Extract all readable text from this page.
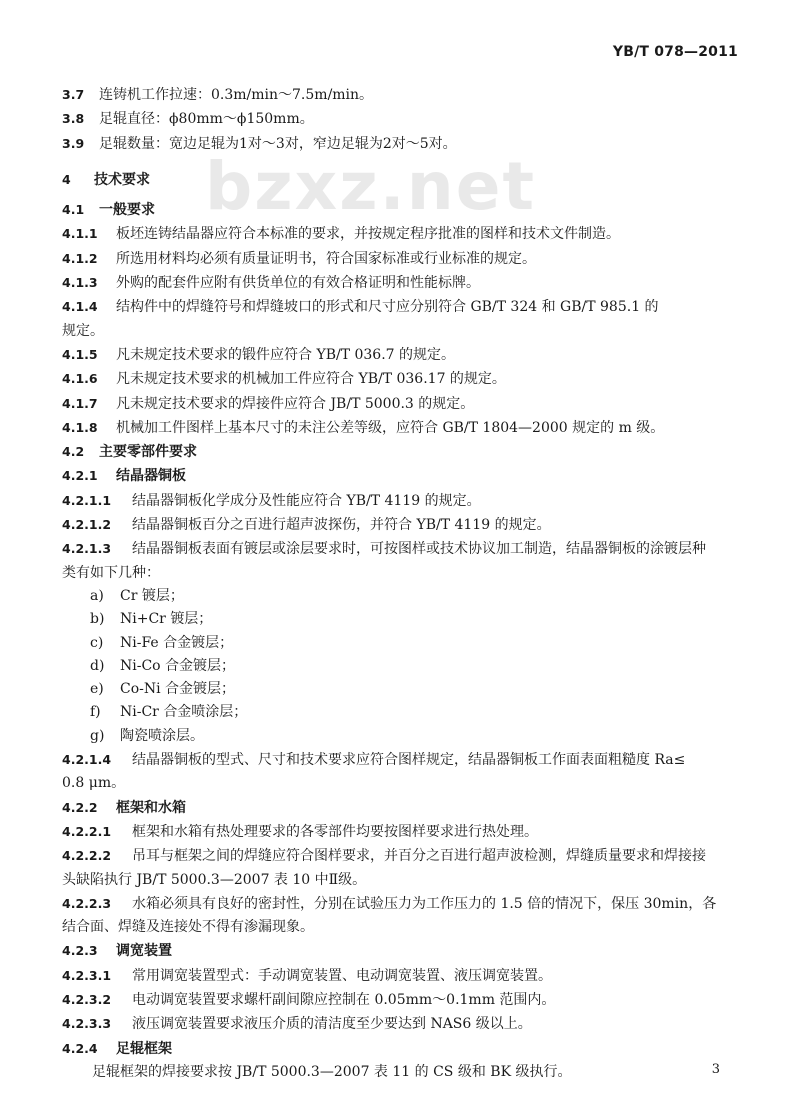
YB/T 078—2011
bzxz.net
3.7 连铸机工作拉速：0.3m/min～7.5m/min。
3.8 足辊直径：ϕ80mm～ϕ150mm。
3.9 足辊数量：宽边足辊为1对～3对，窄边足辊为2对～5对。
4 技术要求
4.1 一般要求
4.1.1 板坯连铸结晶器应符合本标准的要求，并按规定程序批准的图样和技术文件制造。
4.1.2 所选用材料均必须有质量证明书，符合国家标准或行业标准的规定。
4.1.3 外购的配套件应附有供货单位的有效合格证明和性能标牌。
4.1.4 结构件中的焊缝符号和焊缝坡口的形式和尺寸应分别符合 GB/T 324 和 GB/T 985.1 的
规定。
4.1.5 凡未规定技术要求的锻件应符合 YB/T 036.7 的规定。
4.1.6 凡未规定技术要求的机械加工件应符合 YB/T 036.17 的规定。
4.1.7 凡未规定技术要求的焊接件应符合 JB/T 5000.3 的规定。
4.1.8 机械加工件图样上基本尺寸的未注公差等级，应符合 GB/T 1804—2000 规定的 m 级。
4.2 主要零部件要求
4.2.1 结晶器铜板
4.2.1.1 结晶器铜板化学成分及性能应符合 YB/T 4119 的规定。
4.2.1.2 结晶器铜板百分之百进行超声波探伤，并符合 YB/T 4119 的规定。
4.2.1.3 结晶器铜板表面有镀层或涂层要求时，可按图样或技术协议加工制造，结晶器铜板的涂镀层种
类有如下几种：
a) Cr 镀层；
b) Ni+Cr 镀层；
c) Ni-Fe 合金镀层；
d) Ni-Co 合金镀层；
e) Co-Ni 合金镀层；
f) Ni-Cr 合金喷涂层；
g) 陶瓷喷涂层。
4.2.1.4 结晶器铜板的型式、尺寸和技术要求应符合图样规定，结晶器铜板工作面表面粗糙度 Ra≤
0.8 μm。
4.2.2 框架和水箱
4.2.2.1 框架和水箱有热处理要求的各零部件均要按图样要求进行热处理。
4.2.2.2 吊耳与框架之间的焊缝应符合图样要求，并百分之百进行超声波检测，焊缝质量要求和焊接接
头缺陷执行 JB/T 5000.3—2007 表 10 中Ⅱ级。
4.2.2.3 水箱必须具有良好的密封性，分别在试验压力为工作压力的 1.5 倍的情况下，保压 30min，各
结合面、焊缝及连接处不得有渗漏现象。
4.2.3 调宽装置
4.2.3.1 常用调宽装置型式：手动调宽装置、电动调宽装置、液压调宽装置。
4.2.3.2 电动调宽装置要求螺杆副间隙应控制在 0.05mm～0.1mm 范围内。
4.2.3.3 液压调宽装置要求液压介质的清洁度至少要达到 NAS6 级以上。
4.2.4 足辊框架
足辊框架的焊接要求按 JB/T 5000.3—2007 表 11 的 CS 级和 BK 级执行。	3
